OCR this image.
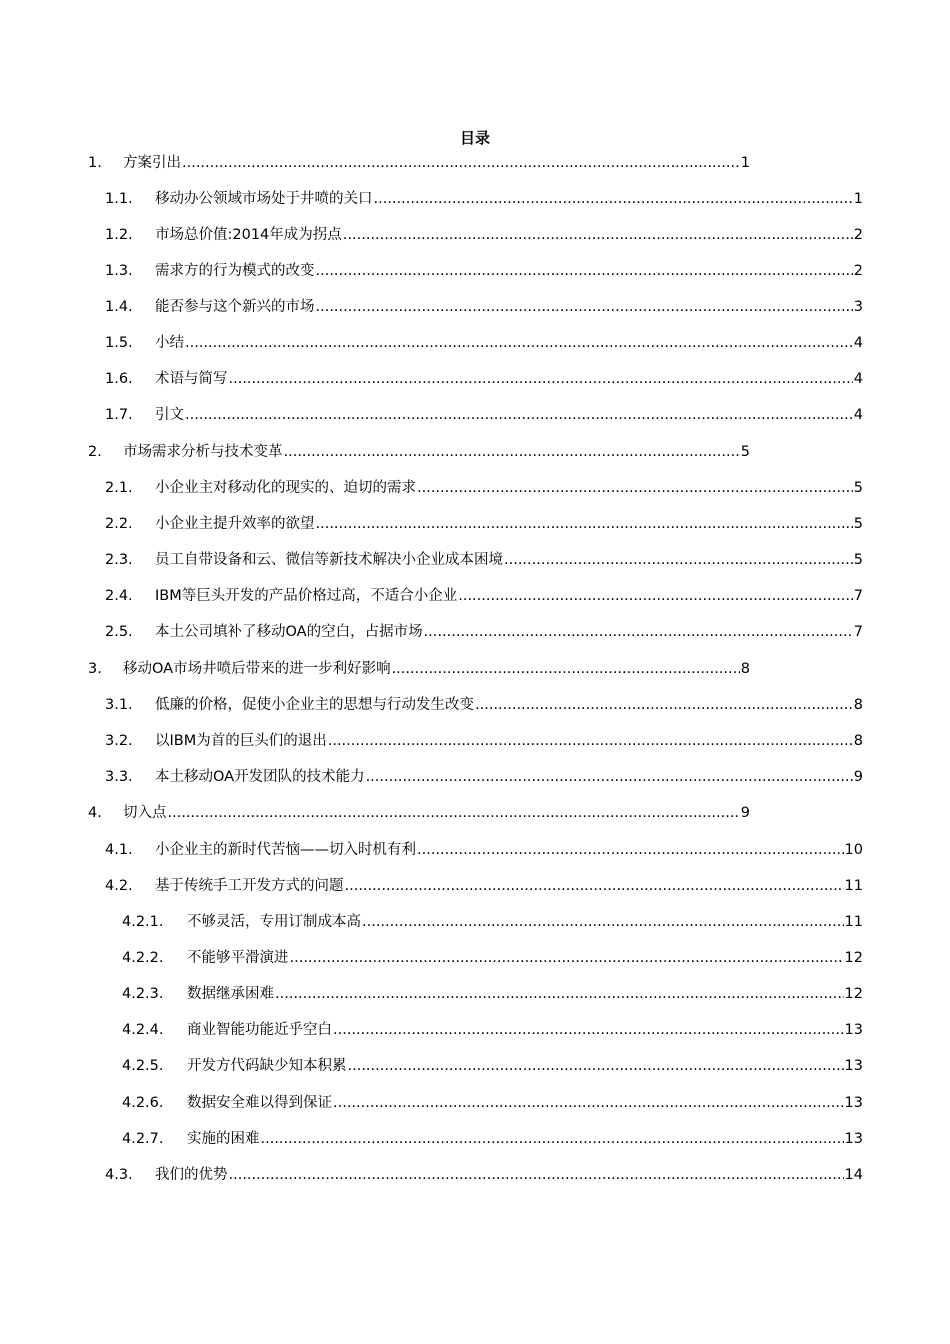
目录
1.	方案引出 .....	1
1.1.	移动办公领域市场处于井喷的关口 .....	1
1.2.	市场总价值:2014年成为拐点 .....	2
1.3.	需求方的行为模式的改变 .....	2
1.4.	能否参与这个新兴的市场 .....	3
1.5.	小结 .....	4
1.6.	术语与简写 .....	4
1.7.	引文 .....	4
2.	市场需求分析与技术变革 .....	5
2.1.	小企业主对移动化的现实的、迫切的需求 .....	5
2.2.	小企业主提升效率的欲望 .....	5
2.3.	员工自带设备和云、微信等新技术解决小企业成本困境 .....	5
2.4.	IBM等巨头开发的产品价格过高，不适合小企业 .....	7
2.5.	本土公司填补了移动OA的空白，占据市场 .....	7
3.	移动OA市场井喷后带来的进一步利好影响 .....	8
3.1.	低廉的价格，促使小企业主的思想与行动发生改变 .....	8
3.2.	以IBM为首的巨头们的退出 .....	8
3.3.	本土移动OA开发团队的技术能力 .....	9
4.	切入点 .....	9
4.1.	小企业主的新时代苦恼——切入时机有利 .....	10
4.2.	基于传统手工开发方式的问题 .....	11
4.2.1.	不够灵活，专用订制成本高 .....	11
4.2.2.	不能够平滑演进 .....	12
4.2.3.	数据继承困难 .....	12
4.2.4.	商业智能功能近乎空白 .....	13
4.2.5.	开发方代码缺少知本积累 .....	13
4.2.6.	数据安全难以得到保证 .....	13
4.2.7.	实施的困难 .....	13
4.3.	我们的优势 .....	14
